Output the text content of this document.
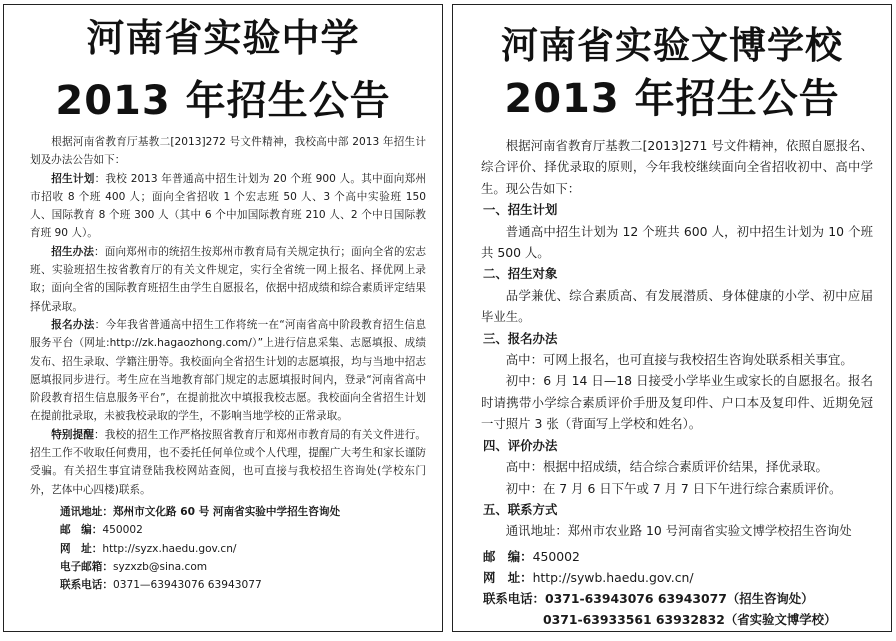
河南省实验中学
2013 年招生公告

根据河南省教育厅基教二[2013]272 号文件精神，我校高中部 2013 年招生计划及办法公告如下：

招生计划：我校 2013 年普通高中招生计划为 20 个班 900 人。其中面向郑州市招收 8 个班 400 人；面向全省招收 1 个宏志班 50 人、3 个高中实验班 150 人、国际教育 8 个班 300 人（其中 6 个中加国际教育班 210 人、2 个中日国际教育班 90 人）。

招生办法：面向郑州市的统招生按郑州市教育局有关规定执行；面向全省的宏志班、实验班招生按省教育厅的有关文件规定，实行全省统一网上报名、择优网上录取；面向全省的国际教育班招生由学生自愿报名，依据中招成绩和综合素质评定结果择优录取。

报名办法：今年我省普通高中招生工作将统一在“河南省高中阶段教育招生信息服务平台（网址:http://zk.hagaozhong.com/）”上进行信息采集、志愿填报、成绩发布、招生录取、学籍注册等。我校面向全省招生计划的志愿填报，均与当地中招志愿填报同步进行。考生应在当地教育部门规定的志愿填报时间内，登录“河南省高中阶段教育招生信息服务平台”，在提前批次中填报我校志愿。我校面向全省招生计划在提前批录取，未被我校录取的学生，不影响当地学校的正常录取。

特别提醒：我校的招生工作严格按照省教育厅和郑州市教育局的有关文件进行。招生工作不收取任何费用，也不委托任何单位或个人代理，提醒广大考生和家长谨防受骗。有关招生事宜请登陆我校网站查阅，也可直接与我校招生咨询处(学校东门外，艺体中心四楼)联系。

通讯地址：郑州市文化路 60 号 河南省实验中学招生咨询处
邮　编：450002
网　址：http://syzx.haedu.gov.cn/
电子邮箱：syzxzb@sina.com
联系电话：0371—63943076 63943077
河南省实验文博学校
2013 年招生公告

根据河南省教育厅基教二[2013]271 号文件精神，依照自愿报名、综合评价、择优录取的原则，今年我校继续面向全省招收初中、高中学生。现公告如下：

一、招生计划

普通高中招生计划为 12 个班共 600 人，初中招生计划为 10 个班共 500 人。

二、招生对象

品学兼优、综合素质高、有发展潜质、身体健康的小学、初中应届毕业生。

三、报名办法

高中：可网上报名，也可直接与我校招生咨询处联系相关事宜。

初中：6 月 14 日—18 日接受小学毕业生或家长的自愿报名。报名时请携带小学综合素质评价手册及复印件、户口本及复印件、近期免冠一寸照片 3 张（背面写上学校和姓名）。

四、评价办法

高中：根据中招成绩，结合综合素质评价结果，择优录取。

初中：在 7 月 6 日下午或 7 月 7 日下午进行综合素质评价。

五、联系方式

通讯地址：郑州市农业路 10 号河南省实验文博学校招生咨询处

邮　编：450002
网　址：http://sywb.haedu.gov.cn/
联系电话：0371-63943076 63943077（招生咨询处）
0371-63933561 63932832（省实验文博学校）
